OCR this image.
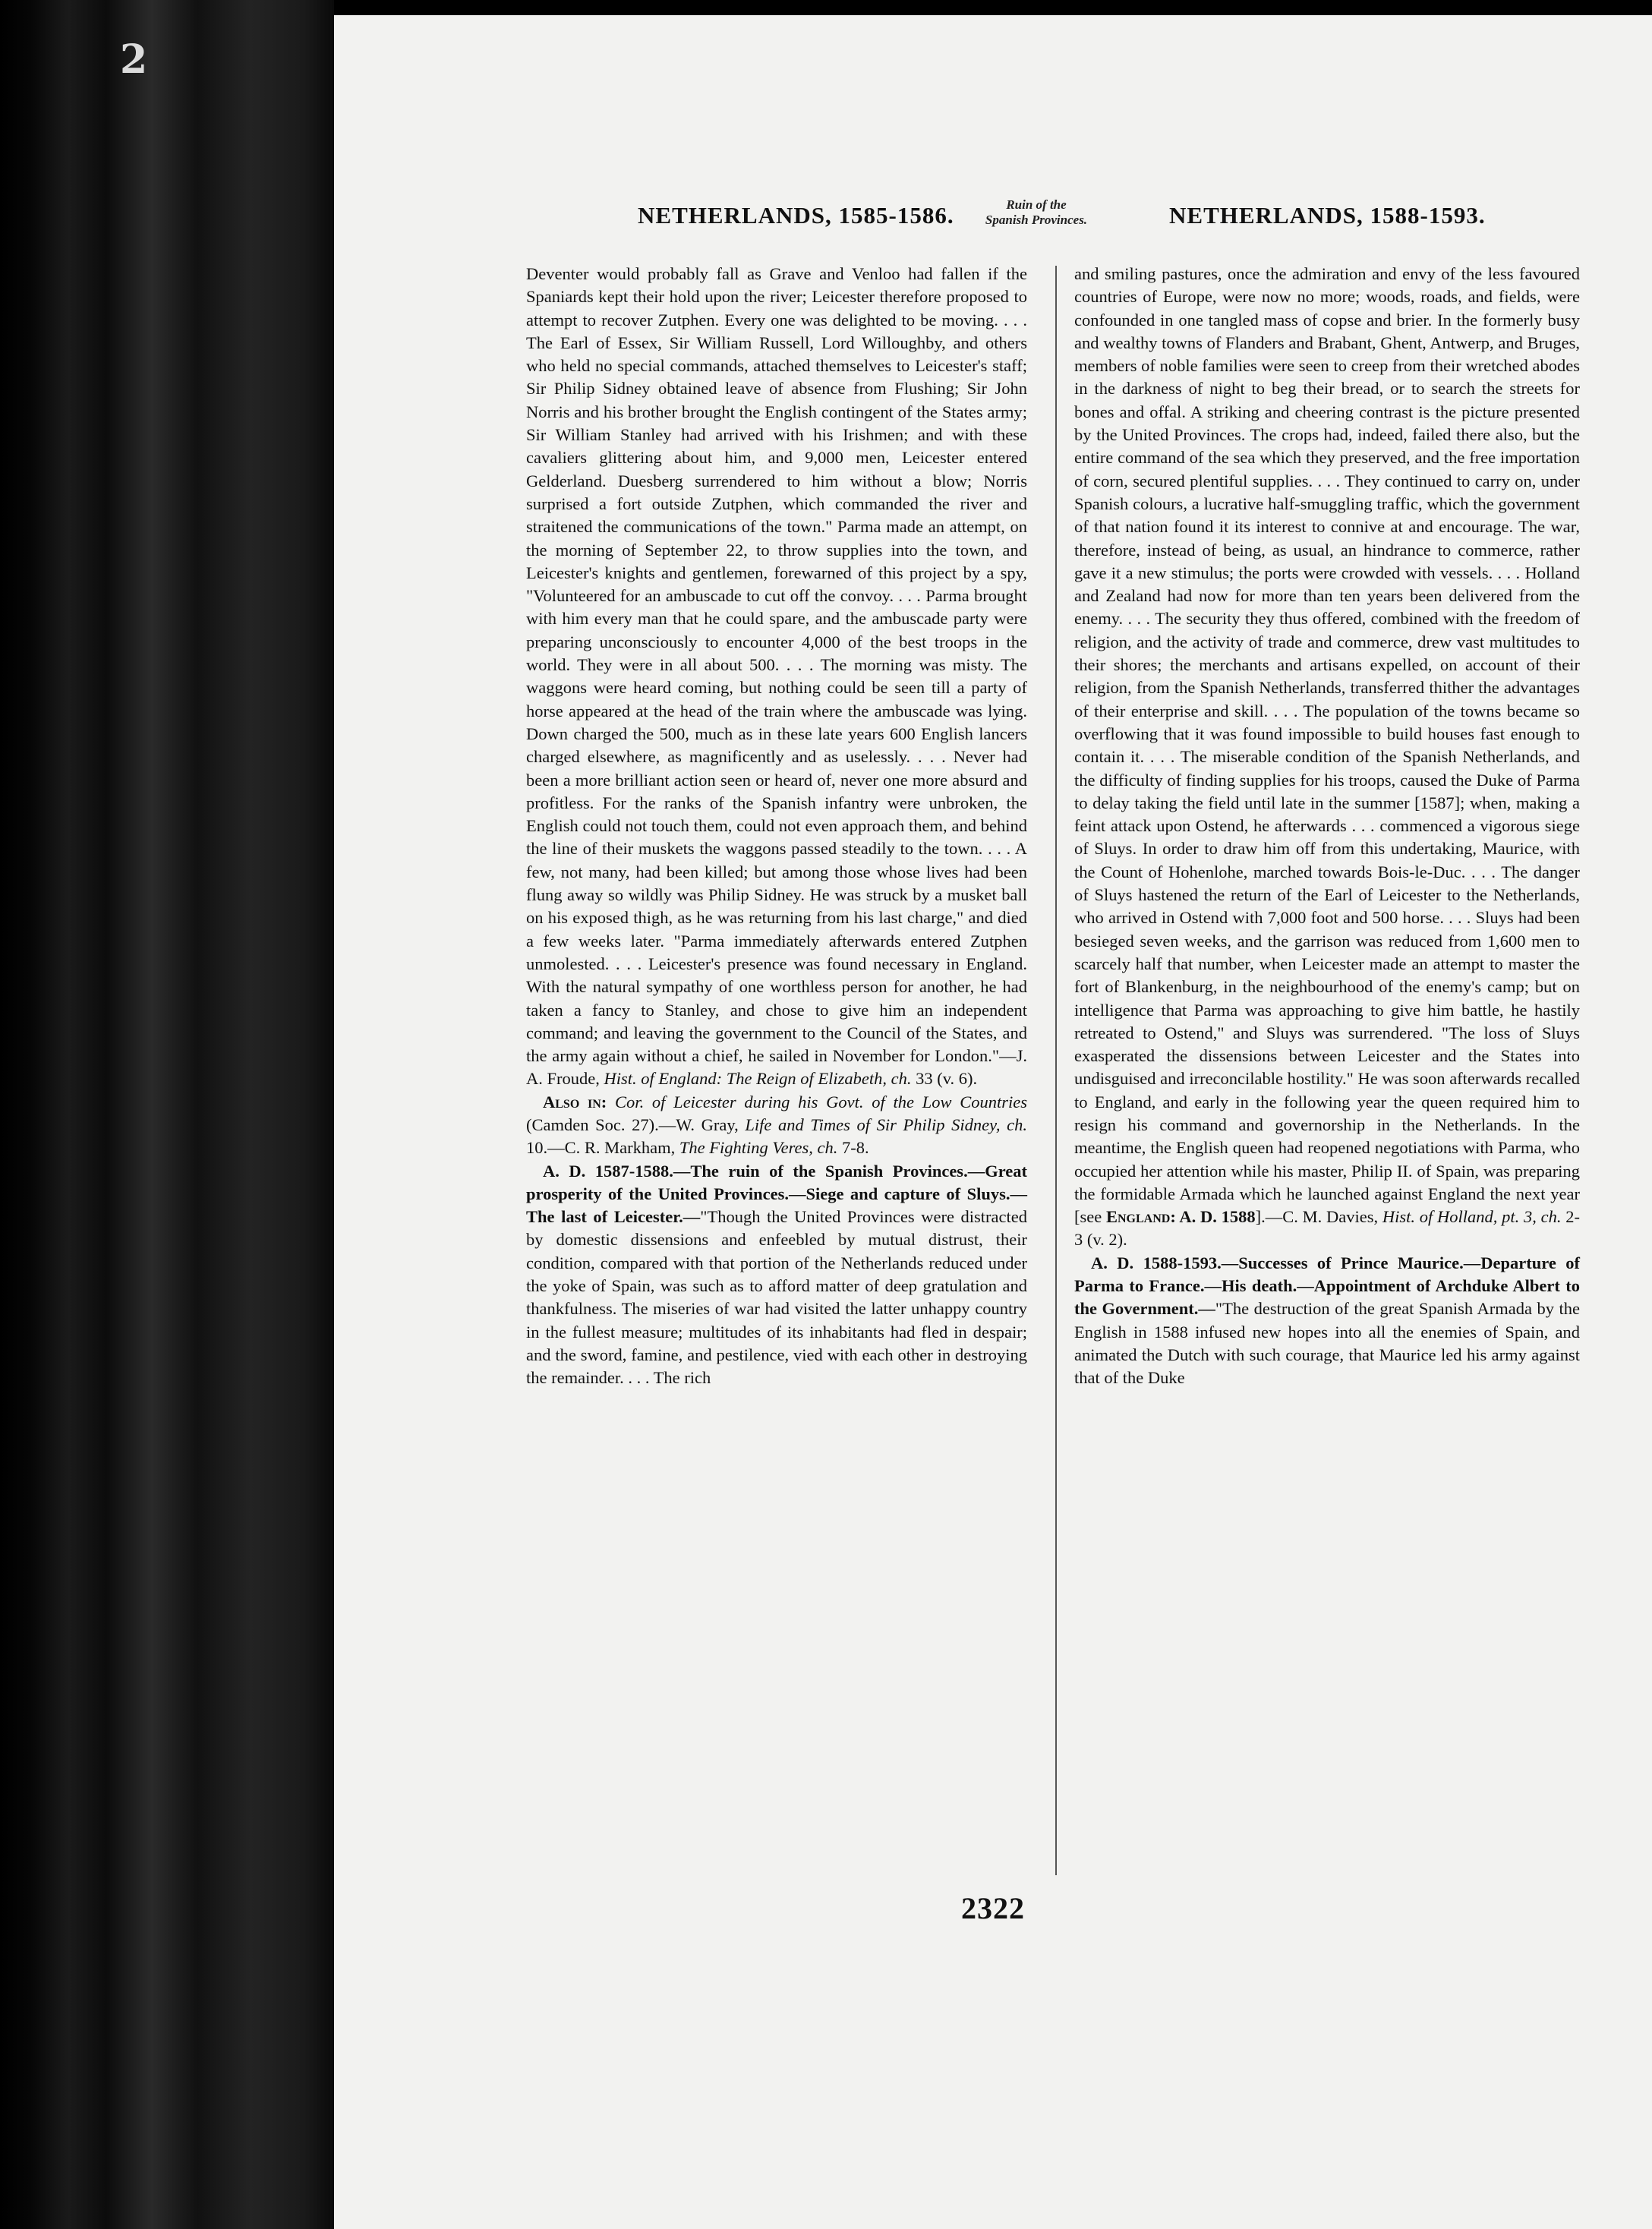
2
NETHERLANDS, 1585-1586.	Ruin of the
Spanish Provinces.	NETHERLANDS, 1588-1593.

Deventer would probably fall as Grave and Venloo had fallen if the Spaniards kept their hold upon the river; Leicester therefore proposed to attempt to recover Zutphen. Every one was delighted to be moving. . . . The Earl of Essex, Sir William Russell, Lord Willoughby, and others who held no special commands, attached themselves to Leicester's staff; Sir Philip Sidney obtained leave of absence from Flushing; Sir John Norris and his brother brought the English contingent of the States army; Sir William Stanley had arrived with his Irishmen; and with these cavaliers glittering about him, and 9,000 men, Leicester entered Gelderland. Duesberg surrendered to him without a blow; Norris surprised a fort outside Zutphen, which commanded the river and straitened the communications of the town." Parma made an attempt, on the morning of September 22, to throw supplies into the town, and Leicester's knights and gentlemen, forewarned of this project by a spy, "Volunteered for an ambuscade to cut off the convoy. . . . Parma brought with him every man that he could spare, and the ambuscade party were preparing unconsciously to encounter 4,000 of the best troops in the world. They were in all about 500. . . . The morning was misty. The waggons were heard coming, but nothing could be seen till a party of horse appeared at the head of the train where the ambuscade was lying. Down charged the 500, much as in these late years 600 English lancers charged elsewhere, as magnificently and as uselessly. . . . Never had been a more brilliant action seen or heard of, never one more absurd and profitless. For the ranks of the Spanish infantry were unbroken, the English could not touch them, could not even approach them, and behind the line of their muskets the waggons passed steadily to the town. . . . A few, not many, had been killed; but among those whose lives had been flung away so wildly was Philip Sidney. He was struck by a musket ball on his exposed thigh, as he was returning from his last charge," and died a few weeks later. "Parma immediately afterwards entered Zutphen unmolested. . . . Leicester's presence was found necessary in England. With the natural sympathy of one worthless person for another, he had taken a fancy to Stanley, and chose to give him an independent command; and leaving the government to the Council of the States, and the army again without a chief, he sailed in November for London."—J. A. Froude, Hist. of England: The Reign of Elizabeth, ch. 33 (v. 6).

Also in: Cor. of Leicester during his Govt. of the Low Countries (Camden Soc. 27).—W. Gray, Life and Times of Sir Philip Sidney, ch. 10.—C. R. Markham, The Fighting Veres, ch. 7-8.

A. D. 1587-1588.—The ruin of the Spanish Provinces.—Great prosperity of the United Provinces.—Siege and capture of Sluys.—The last of Leicester.—"Though the United Provinces were distracted by domestic dissensions and enfeebled by mutual distrust, their condition, compared with that portion of the Netherlands reduced under the yoke of Spain, was such as to afford matter of deep gratulation and thankfulness. The miseries of war had visited the latter unhappy country in the fullest measure; multitudes of its inhabitants had fled in despair; and the sword, famine, and pestilence, vied with each other in destroying the remainder. . . . The rich

and smiling pastures, once the admiration and envy of the less favoured countries of Europe, were now no more; woods, roads, and fields, were confounded in one tangled mass of copse and brier. In the formerly busy and wealthy towns of Flanders and Brabant, Ghent, Antwerp, and Bruges, members of noble families were seen to creep from their wretched abodes in the darkness of night to beg their bread, or to search the streets for bones and offal. A striking and cheering contrast is the picture presented by the United Provinces. The crops had, indeed, failed there also, but the entire command of the sea which they preserved, and the free importation of corn, secured plentiful supplies. . . . They continued to carry on, under Spanish colours, a lucrative half-smuggling traffic, which the government of that nation found it its interest to connive at and encourage. The war, therefore, instead of being, as usual, an hindrance to commerce, rather gave it a new stimulus; the ports were crowded with vessels. . . . Holland and Zealand had now for more than ten years been delivered from the enemy. . . . The security they thus offered, combined with the freedom of religion, and the activity of trade and commerce, drew vast multitudes to their shores; the merchants and artisans expelled, on account of their religion, from the Spanish Netherlands, transferred thither the advantages of their enterprise and skill. . . . The population of the towns became so overflowing that it was found impossible to build houses fast enough to contain it. . . . The miserable condition of the Spanish Netherlands, and the difficulty of finding supplies for his troops, caused the Duke of Parma to delay taking the field until late in the summer [1587]; when, making a feint attack upon Ostend, he afterwards . . . commenced a vigorous siege of Sluys. In order to draw him off from this undertaking, Maurice, with the Count of Hohenlohe, marched towards Bois-le-Duc. . . . The danger of Sluys hastened the return of the Earl of Leicester to the Netherlands, who arrived in Ostend with 7,000 foot and 500 horse. . . . Sluys had been besieged seven weeks, and the garrison was reduced from 1,600 men to scarcely half that number, when Leicester made an attempt to master the fort of Blankenburg, in the neighbourhood of the enemy's camp; but on intelligence that Parma was approaching to give him battle, he hastily retreated to Ostend," and Sluys was surrendered. "The loss of Sluys exasperated the dissensions between Leicester and the States into undisguised and irreconcilable hostility." He was soon afterwards recalled to England, and early in the following year the queen required him to resign his command and governorship in the Netherlands. In the meantime, the English queen had reopened negotiations with Parma, who occupied her attention while his master, Philip II. of Spain, was preparing the formidable Armada which he launched against England the next year [see England: A. D. 1588].—C. M. Davies, Hist. of Holland, pt. 3, ch. 2-3 (v. 2).

A. D. 1588-1593.—Successes of Prince Maurice.—Departure of Parma to France.—His death.—Appointment of Archduke Albert to the Government.—"The destruction of the great Spanish Armada by the English in 1588 infused new hopes into all the enemies of Spain, and animated the Dutch with such courage, that Maurice led his army against that of the Duke

2322
